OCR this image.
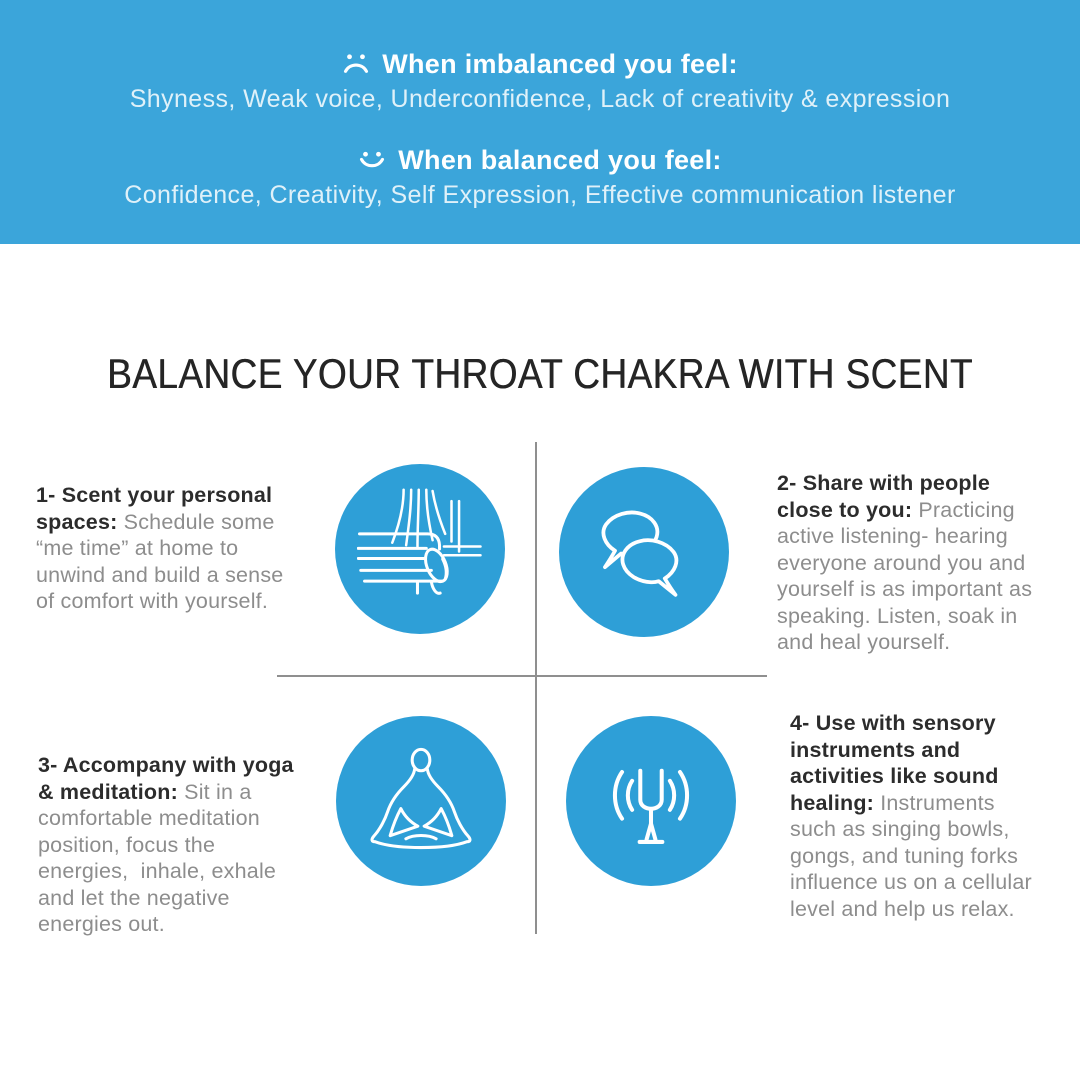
When imbalanced you feel:
Shyness, Weak voice, Underconfidence, Lack of creativity & expression
When balanced you feel:
Confidence, Creativity, Self Expression, Effective communication listener
BALANCE YOUR THROAT CHAKRA WITH SCENT

1- Scent your personal spaces: Schedule some “me time” at home to unwind and build a sense of comfort with yourself.

2- Share with people close to you: Practicing active listening- hearing everyone around you and yourself is as important as speaking. Listen, soak in and heal yourself.

3- Accompany with yoga & meditation: Sit in a comfortable meditation position, focus the energies,  inhale, exhale and let the negative energies out.

4- Use with sensory instruments and activities like sound healing: Instruments such as singing bowls, gongs, and tuning forks influence us on a cellular level and help us relax.
